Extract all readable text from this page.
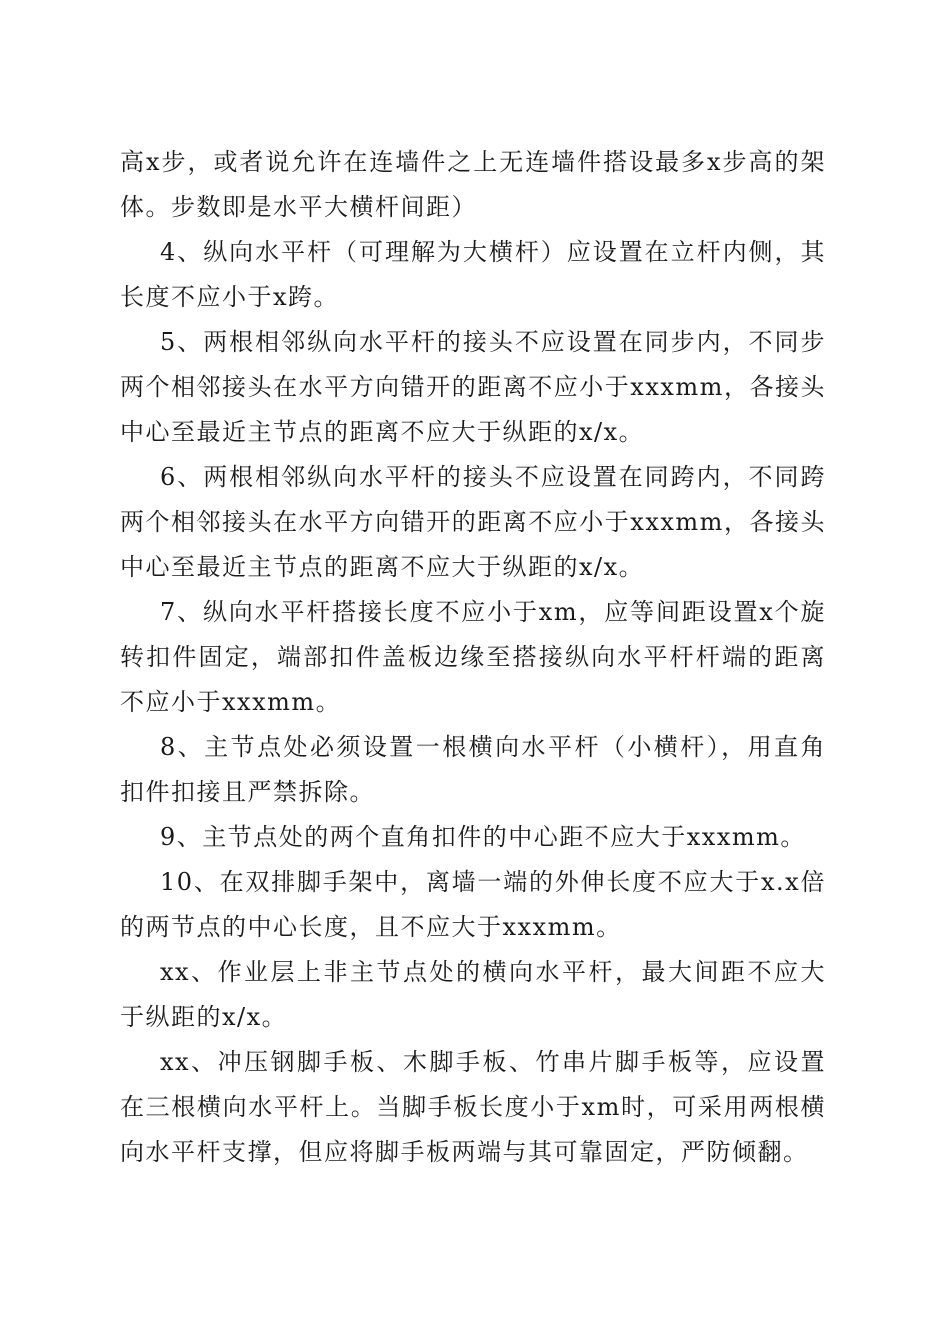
高x步，或者说允许在连墙件之上无连墙件搭设最多x步高的架体。步数即是水平大横杆间距）

4、纵向水平杆（可理解为大横杆）应设置在立杆内侧，其长度不应小于x跨。

5、两根相邻纵向水平杆的接头不应设置在同步内，不同步两个相邻接头在水平方向错开的距离不应小于xxxmm，各接头中心至最近主节点的距离不应大于纵距的x/x。

6、两根相邻纵向水平杆的接头不应设置在同跨内，不同跨两个相邻接头在水平方向错开的距离不应小于xxxmm，各接头中心至最近主节点的距离不应大于纵距的x/x。

7、纵向水平杆搭接长度不应小于xm，应等间距设置x个旋转扣件固定，端部扣件盖板边缘至搭接纵向水平杆杆端的距离不应小于xxxmm。

8、主节点处必须设置一根横向水平杆（小横杆），用直角扣件扣接且严禁拆除。

9、主节点处的两个直角扣件的中心距不应大于xxxmm。

10、在双排脚手架中，离墙一端的外伸长度不应大于x.x倍的两节点的中心长度，且不应大于xxxmm。

xx、作业层上非主节点处的横向水平杆，最大间距不应大于纵距的x/x。

xx、冲压钢脚手板、木脚手板、竹串片脚手板等，应设置在三根横向水平杆上。当脚手板长度小于xm时，可采用两根横向水平杆支撑，但应将脚手板两端与其可靠固定，严防倾翻。
